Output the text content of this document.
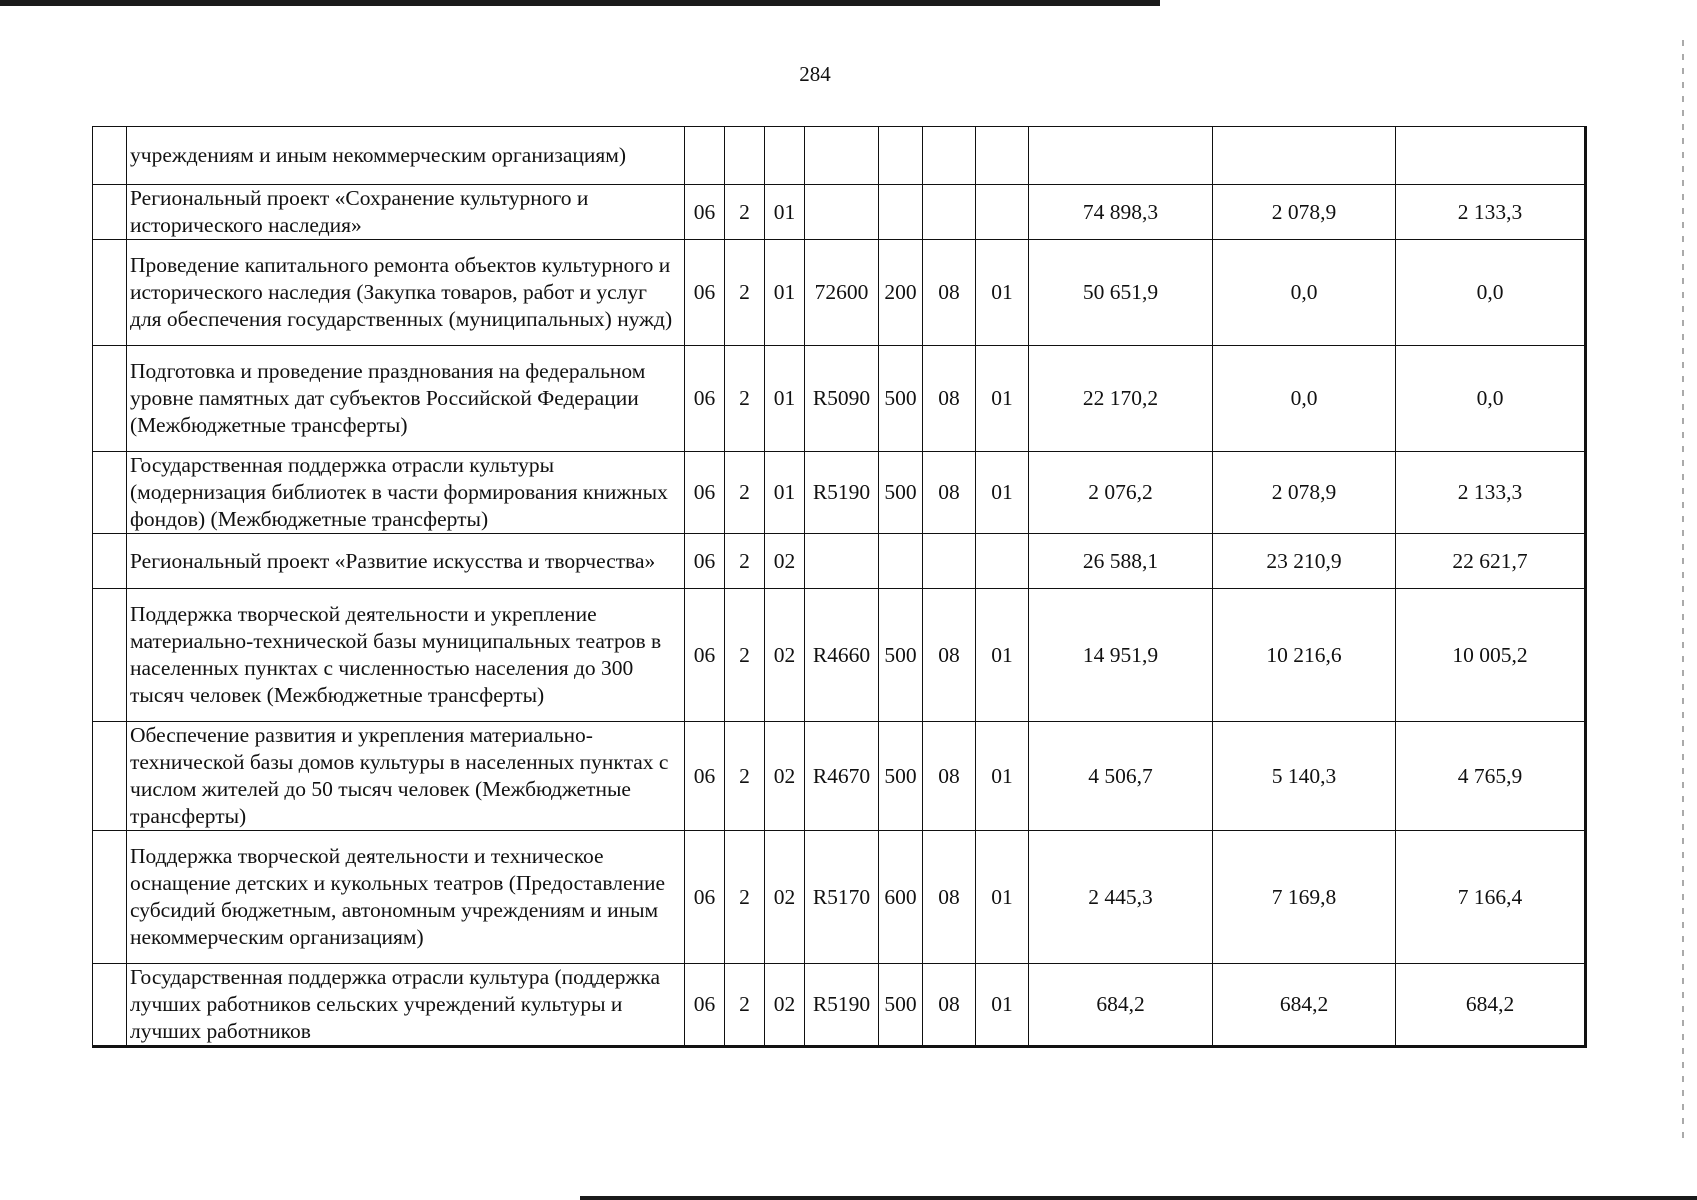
284
	учреждениям и иным некоммерческим организациям)										
	Региональный проект «Сохранение культурного и исторического наследия»	06	2	01					74 898,3	2 078,9	2 133,3
	Проведение капитального ремонта объектов культурного и исторического наследия (Закупка товаров, работ и услуг для обеспечения государственных (муниципальных) нужд)	06	2	01	72600	200	08	01	50 651,9	0,0	0,0
	Подготовка и проведение празднования на федеральном уровне памятных дат субъектов Российской Федерации (Межбюджетные трансферты)	06	2	01	R5090	500	08	01	22 170,2	0,0	0,0
	Государственная поддержка отрасли культуры (модернизация библиотек в части формирования книжных фондов) (Межбюджетные трансферты)	06	2	01	R5190	500	08	01	2 076,2	2 078,9	2 133,3
	Региональный проект «Развитие искусства и творчества»	06	2	02					26 588,1	23 210,9	22 621,7
	Поддержка творческой деятельности и укрепление материально-технической базы муниципальных театров в населенных пунктах с численностью населения до 300 тысяч человек (Межбюджетные трансферты)	06	2	02	R4660	500	08	01	14 951,9	10 216,6	10 005,2
	Обеспечение развития и укрепления материально-технической базы домов культуры в населенных пунктах с числом жителей до 50 тысяч человек (Межбюджетные трансферты)	06	2	02	R4670	500	08	01	4 506,7	5 140,3	4 765,9
	Поддержка творческой деятельности и техническое оснащение детских и кукольных театров (Предоставление субсидий бюджетным, автономным учреждениям и иным некоммерческим организациям)	06	2	02	R5170	600	08	01	2 445,3	7 169,8	7 166,4
	Государственная поддержка отрасли культура (поддержка лучших работников сельских учреждений культуры и лучших работников	06	2	02	R5190	500	08	01	684,2	684,2	684,2
